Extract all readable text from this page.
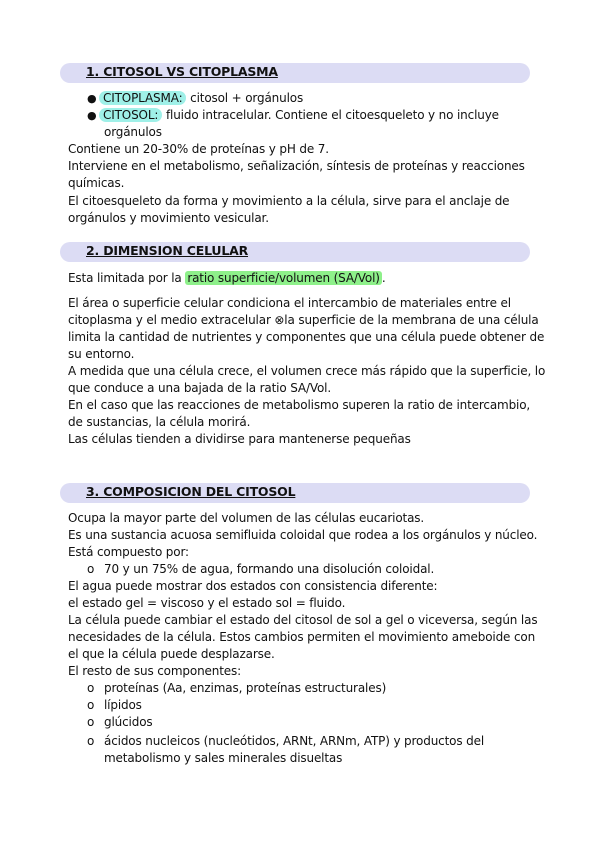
1. CITOSOL VS CITOPLASMA
● CITOPLASMA: citosol + orgánulos
● CITOSOL: fluido intracelular. Contiene el citoesqueleto y no incluye
orgánulos
Contiene un 20-30% de proteínas y pH de 7.
Interviene en el metabolismo, señalización, síntesis de proteínas y reacciones
químicas.
El citoesqueleto da forma y movimiento a la célula, sirve para el anclaje de
orgánulos y movimiento vesicular.
2. DIMENSION CELULAR
Esta limitada por la ratio superficie/volumen (SA/Vol) .
El área o superficie celular condiciona el intercambio de materiales entre el
citoplasma y el medio extracelular ⊗la superficie de la membrana de una célula
limita la cantidad de nutrientes y componentes que una célula puede obtener de
su entorno.
A medida que una célula crece, el volumen crece más rápido que la superficie, lo
que conduce a una bajada de la ratio SA/Vol.
En el caso que las reacciones de metabolismo superen la ratio de intercambio,
de sustancias, la célula morirá.
Las células tienden a dividirse para mantenerse pequeñas
3. COMPOSICION DEL CITOSOL
Ocupa la mayor parte del volumen de las células eucariotas.
Es una sustancia acuosa semifluida coloidal que rodea a los orgánulos y núcleo.
Está compuesto por:
o 70 y un 75% de agua, formando una disolución coloidal.
El agua puede mostrar dos estados con consistencia diferente:
el estado gel = viscoso y el estado sol = fluido.
La célula puede cambiar el estado del citosol de sol a gel o viceversa, según las
necesidades de la célula. Estos cambios permiten el movimiento ameboide con
el que la célula puede desplazarse.
El resto de sus componentes:
o proteínas (Aa, enzimas, proteínas estructurales)
o lípidos
o glúcidos
o ácidos nucleicos (nucleótidos, ARNt, ARNm, ATP) y productos del
metabolismo y sales minerales disueltas
